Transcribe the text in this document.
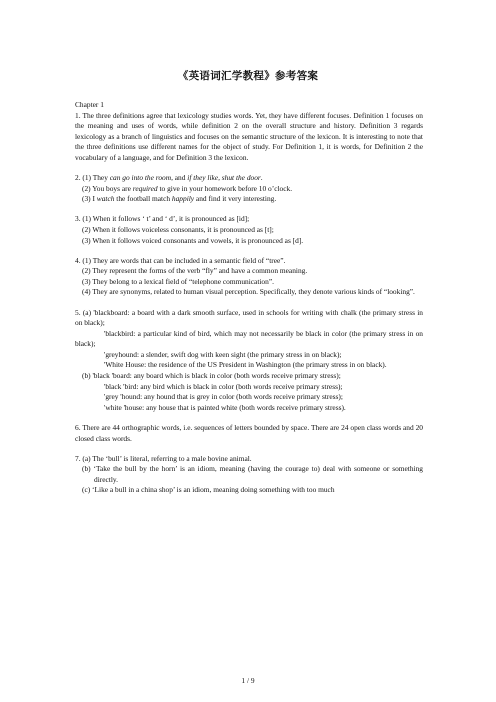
《英语词汇学教程》参考答案

Chapter 1

1. The three definitions agree that lexicology studies words. Yet, they have different focuses. Definition 1 focuses on the meaning and uses of words, while definition 2 on the overall structure and history. Definition 3 regards lexicology as a branch of linguistics and focuses on the semantic structure of the lexicon. It is interesting to note that the three definitions use different names for the object of study. For Definition 1, it is words, for Definition 2 the vocabulary of a language, and for Definition 3 the lexicon.

2. (1) They can go into the room, and if they like, shut the door.

(2) You boys are required to give in your homework before 10 o’clock.

(3) I watch the football match happily and find it very interesting.

3. (1) When it follows ‘ t’ and ‘ d’, it is pronounced as [id];

(2) When it follows voiceless consonants, it is pronounced as [t];

(3) When it follows voiced consonants and vowels, it is pronounced as [d].

4. (1) They are words that can be included in a semantic field of “tree”.

(2) They represent the forms of the verb “fly” and have a common meaning.

(3) They belong to a lexical field of “telephone communication”.

(4) They are synonyms, related to human visual perception. Specifically, they denote various kinds of “looking”.

5. (a) 'blackboard: a board with a dark smooth surface, used in schools for writing with chalk (the primary stress in on black);

'blackbird: a particular kind of bird, which may not necessarily be black in color (the primary stress in on black);

'greyhound: a slender, swift dog with keen sight (the primary stress in on black);

'White House: the residence of the US President in Washington (the primary stress in on black).

(b) 'black 'board: any board which is black in color (both words receive primary stress);

'black 'bird: any bird which is black in color (both words receive primary stress);

'grey 'hound: any hound that is grey in color (both words receive primary stress);

'white 'house: any house that is painted white (both words receive primary stress).

6. There are 44 orthographic words, i.e. sequences of letters bounded by space. There are 24 open class words and 20 closed class words.

7. (a) The ‘bull’ is literal, referring to a male bovine animal.

(b) ‘Take the bull by the horn’ is an idiom, meaning (having the courage to) deal with someone or something directly.

(c) ‘Like a bull in a china shop’ is an idiom, meaning doing something with too much

1 / 9
